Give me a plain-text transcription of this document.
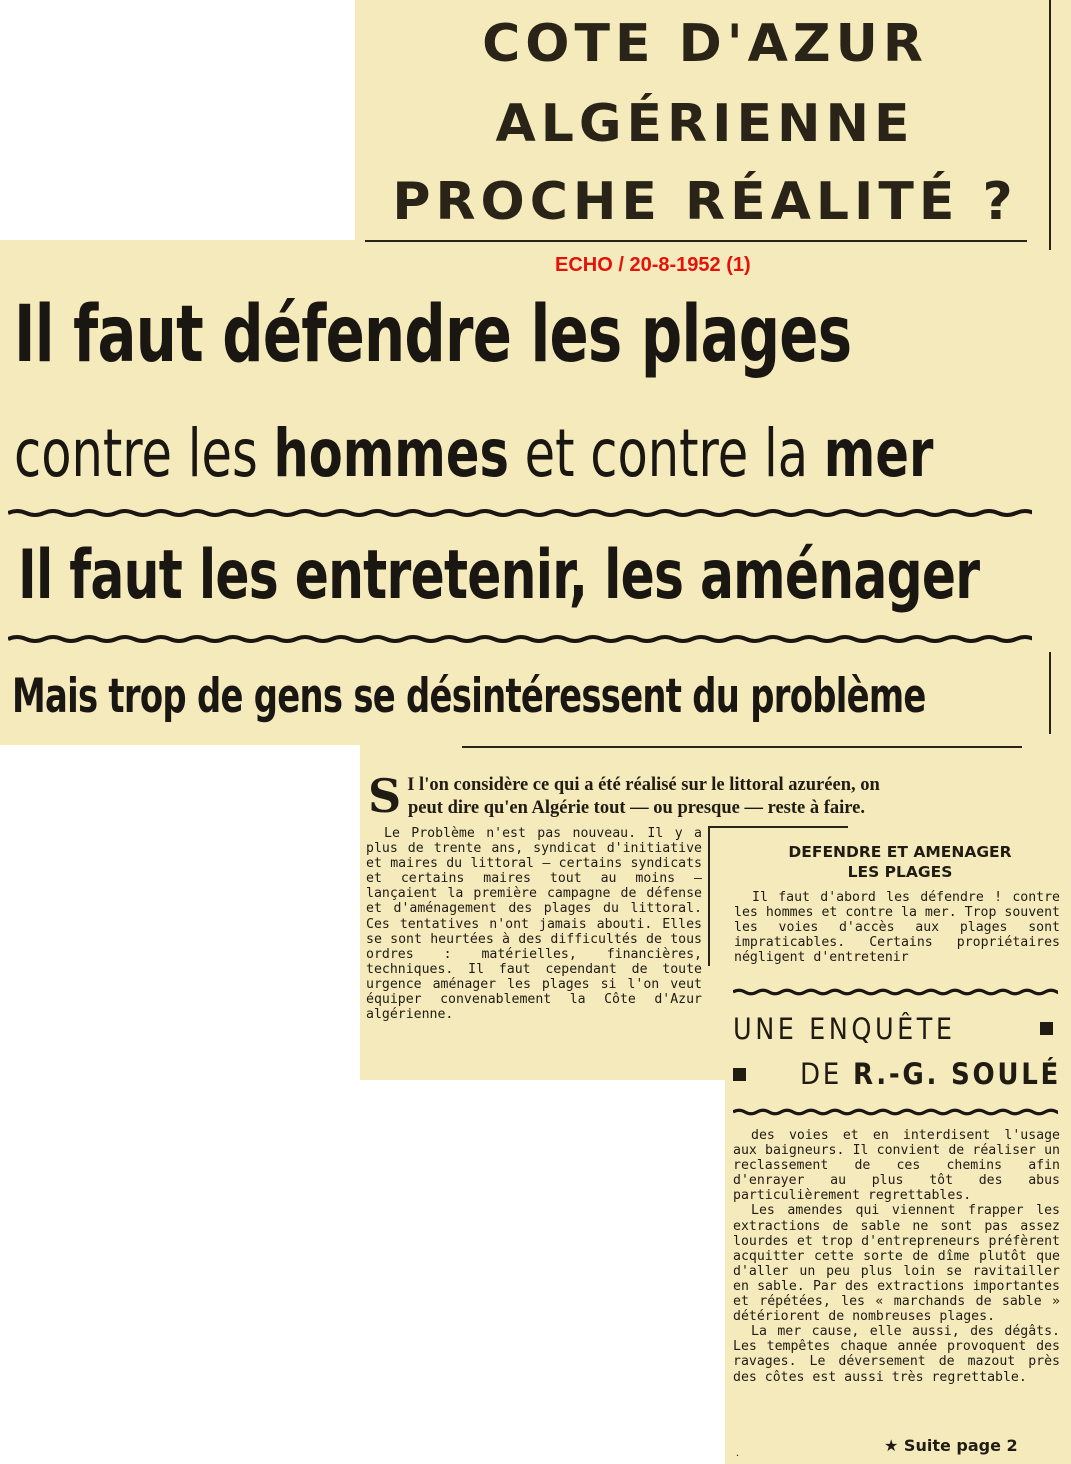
COTE D'AZUR
ALGÉRIENNE
PROCHE RÉALITÉ ?
ECHO / 20-8-1952 (1)
Il faut défendre les plages
contre les hommes et contre la mer
Il faut les entretenir, les aménager
Mais trop de gens se désintéressent du problème
S I l'on considère ce qui a été réalisé sur le littoral azuréen, on
peut dire qu'en Algérie tout — ou presque — reste à faire.

Le Problème n'est pas nouveau. Il y a plus de trente ans, syndicat d'initiative et maires du littoral — certains syndicats et certains maires tout au moins — lançaient la première campagne de défense et d'aménagement des plages du littoral. Ces tentatives n'ont jamais abouti. Elles se sont heurtées à des difficultés de tous ordres : matérielles, financières, techniques. Il faut cependant de toute urgence aménager les plages si l'on veut équiper convenablement la Côte d'Azur algérienne.

DEFENDRE ET AMENAGER
LES PLAGES

Il faut d'abord les défendre ! contre les hommes et contre la mer. Trop souvent les voies d'accès aux plages sont impraticables. Certains propriétaires négligent d'entretenir

UNE ENQUÊTE
DE R.-G. SOULÉ

des voies et en interdisent l'usage aux baigneurs. Il convient de réaliser un reclassement de ces chemins afin d'enrayer au plus tôt des abus particulièrement regrettables.

Les amendes qui viennent frapper les extractions de sable ne sont pas assez lourdes et trop d'entrepreneurs préfèrent acquitter cette sorte de dîme plutôt que d'aller un peu plus loin se ravitailler en sable. Par des extractions importantes et répétées, les « marchands de sable » détériorent de nombreuses plages.

La mer cause, elle aussi, des dégâts. Les tempêtes chaque année provoquent des ravages. Le déversement de mazout près des côtes est aussi très regrettable.

.	★ Suite page 2
